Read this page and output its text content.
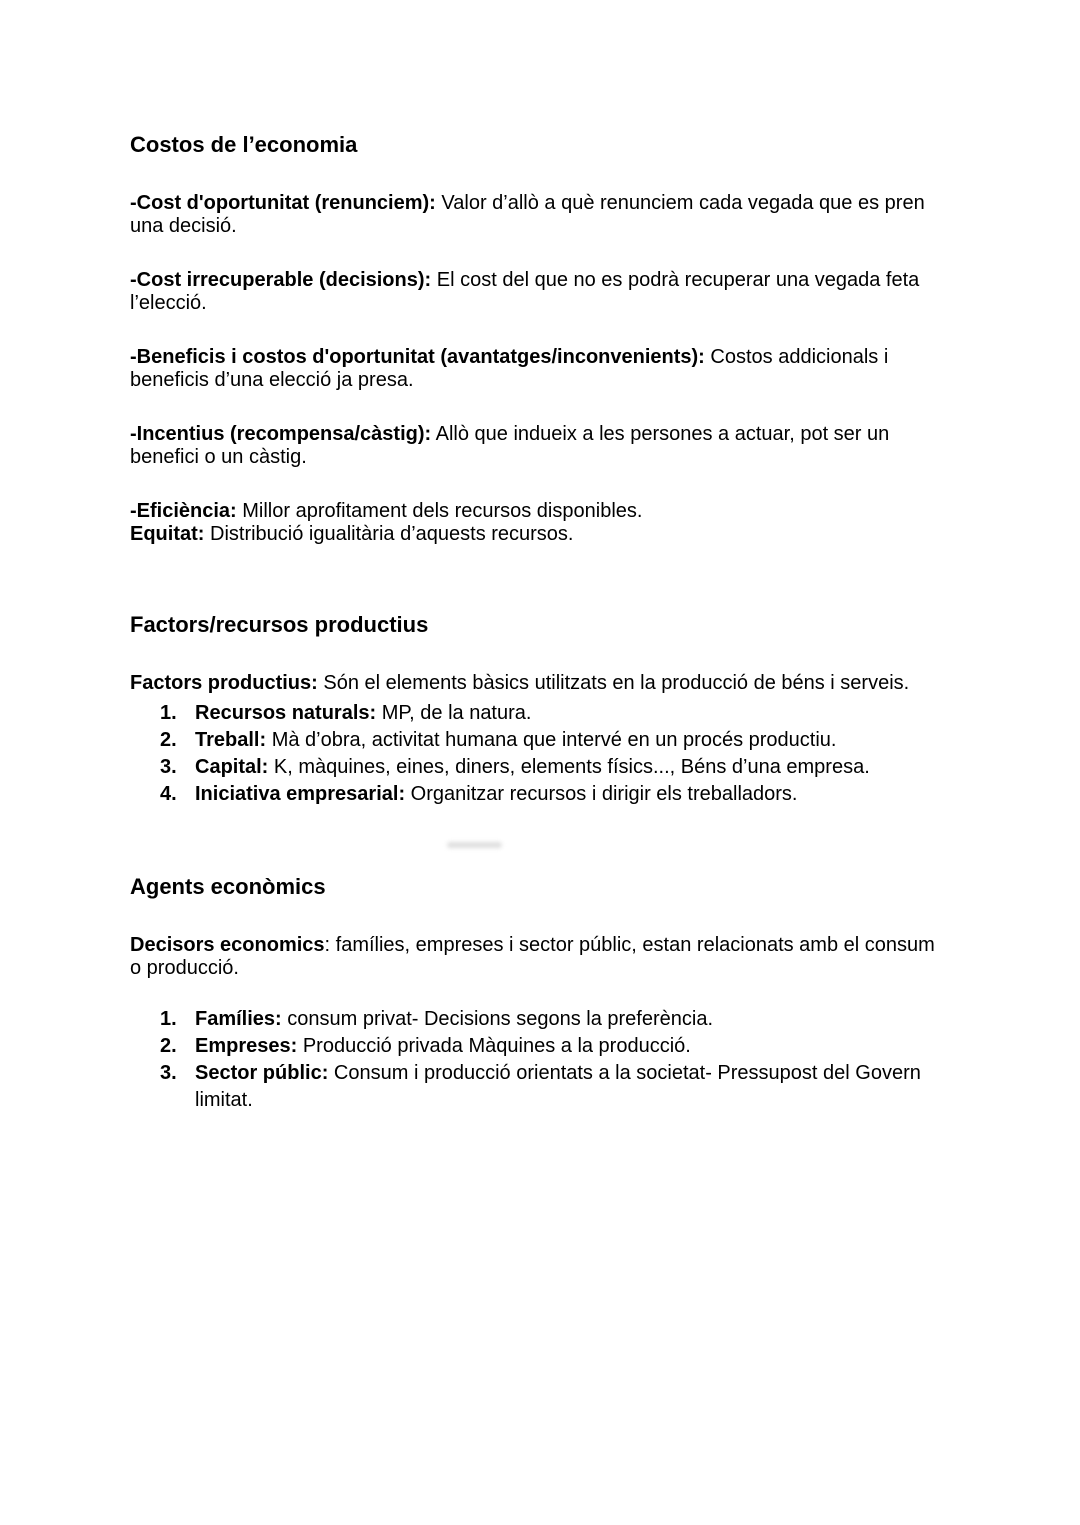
Costos de l’economia

-Cost d'oportunitat (renunciem): Valor d’allò a què renunciem cada vegada que es pren
una decisió.

-Cost irrecuperable (decisions): El cost del que no es podrà recuperar una vegada feta
l’elecció.

-Beneficis i costos d'oportunitat (avantatges/inconvenients): Costos addicionals i
beneficis d’una elecció ja presa.

-Incentius (recompensa/càstig): Allò que indueix a les persones a actuar, pot ser un
benefici o un càstig.

-Eficiència: Millor aprofitament dels recursos disponibles.
Equitat: Distribució igualitària d’aquests recursos.

Factors/recursos productius

Factors productius: Són el elements bàsics utilitzats en la producció de béns i serveis.

1. Recursos naturals: MP, de la natura.
2. Treball: Mà d’obra, activitat humana que intervé en un procés productiu.
3. Capital: K, màquines, eines, diners, elements físics..., Béns d’una empresa.
4. Iniciativa empresarial: Organitzar recursos i dirigir els treballadors.
Agents econòmics

Decisors economics: famílies, empreses i sector públic, estan relacionats amb el consum
o producció.

1. Famílies: consum privat- Decisions segons la preferència.
2. Empreses: Producció privada Màquines a la producció.
3. Sector públic: Consum i producció orientats a la societat- Pressupost del Govern
limitat.
